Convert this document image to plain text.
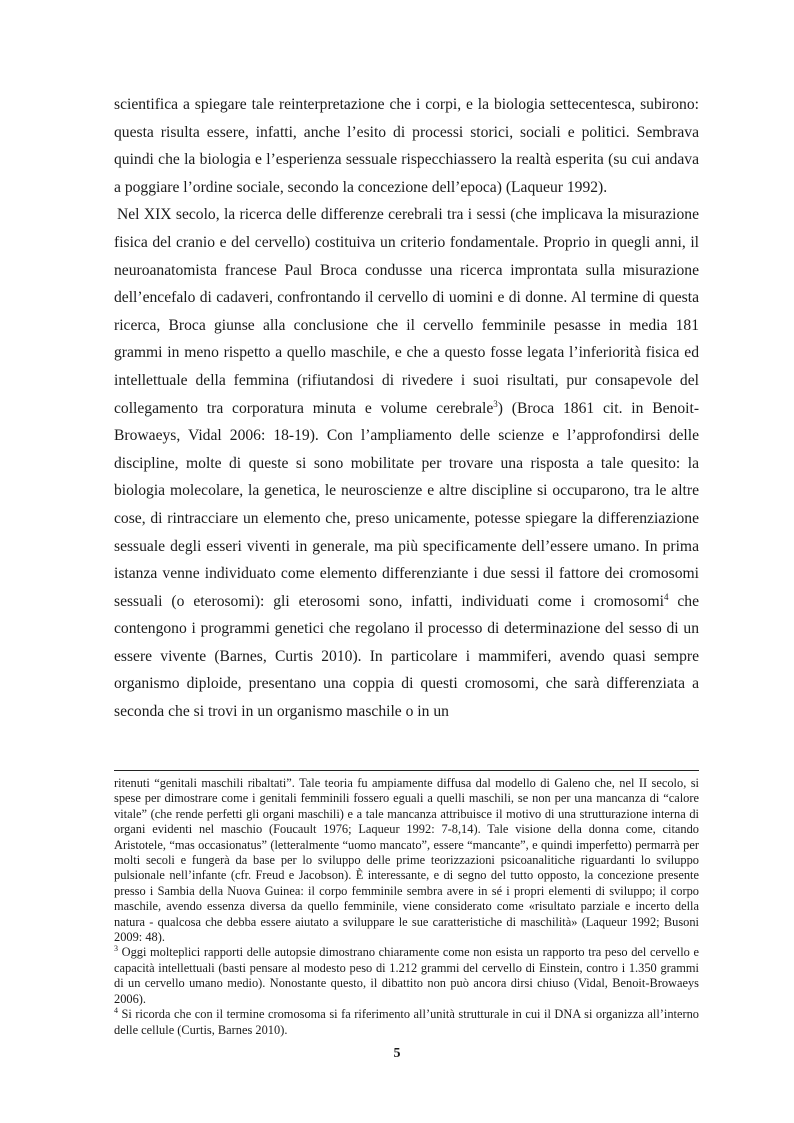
scientifica a spiegare tale reinterpretazione che i corpi, e la biologia settecentesca, subirono: questa risulta essere, infatti, anche l’esito di processi storici, sociali e politici. Sembrava quindi che la biologia e l’esperienza sessuale rispecchiassero la realtà esperita (su cui andava a poggiare l’ordine sociale, secondo la concezione dell’epoca) (Laqueur 1992).

Nel XIX secolo, la ricerca delle differenze cerebrali tra i sessi (che implicava la misurazione fisica del cranio e del cervello) costituiva un criterio fondamentale. Proprio in quegli anni, il neuroanatomista francese Paul Broca condusse una ricerca improntata sulla misurazione dell’encefalo di cadaveri, confrontando il cervello di uomini e di donne. Al termine di questa ricerca, Broca giunse alla conclusione che il cervello femminile pesasse in media 181 grammi in meno rispetto a quello maschile, e che a questo fosse legata l’inferiorità fisica ed intellettuale della femmina (rifiutandosi di rivedere i suoi risultati, pur consapevole del collegamento tra corporatura minuta e volume cerebrale$^3$) (Broca 1861 cit. in Benoit-Browaeys, Vidal 2006: 18-19). Con l’ampliamento delle scienze e l’approfondirsi delle discipline, molte di queste si sono mobilitate per trovare una risposta a tale quesito: la biologia molecolare, la genetica, le neuroscienze e altre discipline si occuparono, tra le altre cose, di rintracciare un elemento che, preso unicamente, potesse spiegare la differenziazione sessuale degli esseri viventi in generale, ma più specificamente dell’essere umano. In prima istanza venne individuato come elemento differenziante i due sessi il fattore dei cromosomi sessuali (o eterosomi): gli eterosomi sono, infatti, individuati come i cromosomi$^4$ che contengono i programmi genetici che regolano il processo di determinazione del sesso di un essere vivente (Barnes, Curtis 2010). In particolare i mammiferi, avendo quasi sempre organismo diploide, presentano una coppia di questi cromosomi, che sarà differenziata a seconda che si trovi in un organismo maschile o in un

ritenuti “genitali maschili ribaltati”. Tale teoria fu ampiamente diffusa dal modello di Galeno che, nel II secolo, si spese per dimostrare come i genitali femminili fossero eguali a quelli maschili, se non per una mancanza di “calore vitale” (che rende perfetti gli organi maschili) e a tale mancanza attribuisce il motivo di una strutturazione interna di organi evidenti nel maschio (Foucault 1976; Laqueur 1992: 7-8,14). Tale visione della donna come, citando Aristotele, “mas occasionatus” (letteralmente “uomo mancato”, essere “mancante”, e quindi imperfetto) permarrà per molti secoli e fungerà da base per lo sviluppo delle prime teorizzazioni psicoanalitiche riguardanti lo sviluppo pulsionale nell’infante (cfr. Freud e Jacobson). È interessante, e di segno del tutto opposto, la concezione presente presso i Sambia della Nuova Guinea: il corpo femminile sembra avere in sé i propri elementi di sviluppo; il corpo maschile, avendo essenza diversa da quello femminile, viene considerato come «risultato parziale e incerto della natura - qualcosa che debba essere aiutato a sviluppare le sue caratteristiche di maschilità» (Laqueur 1992; Busoni 2009: 48).

$^3$ Oggi molteplici rapporti delle autopsie dimostrano chiaramente come non esista un rapporto tra peso del cervello e capacità intellettuali (basti pensare al modesto peso di 1.212 grammi del cervello di Einstein, contro i 1.350 grammi di un cervello umano medio). Nonostante questo, il dibattito non può ancora dirsi chiuso (Vidal, Benoit-Browaeys 2006).

$^4$ Si ricorda che con il termine cromosoma si fa riferimento all’unità strutturale in cui il DNA si organizza all’interno delle cellule (Curtis, Barnes 2010).

5
